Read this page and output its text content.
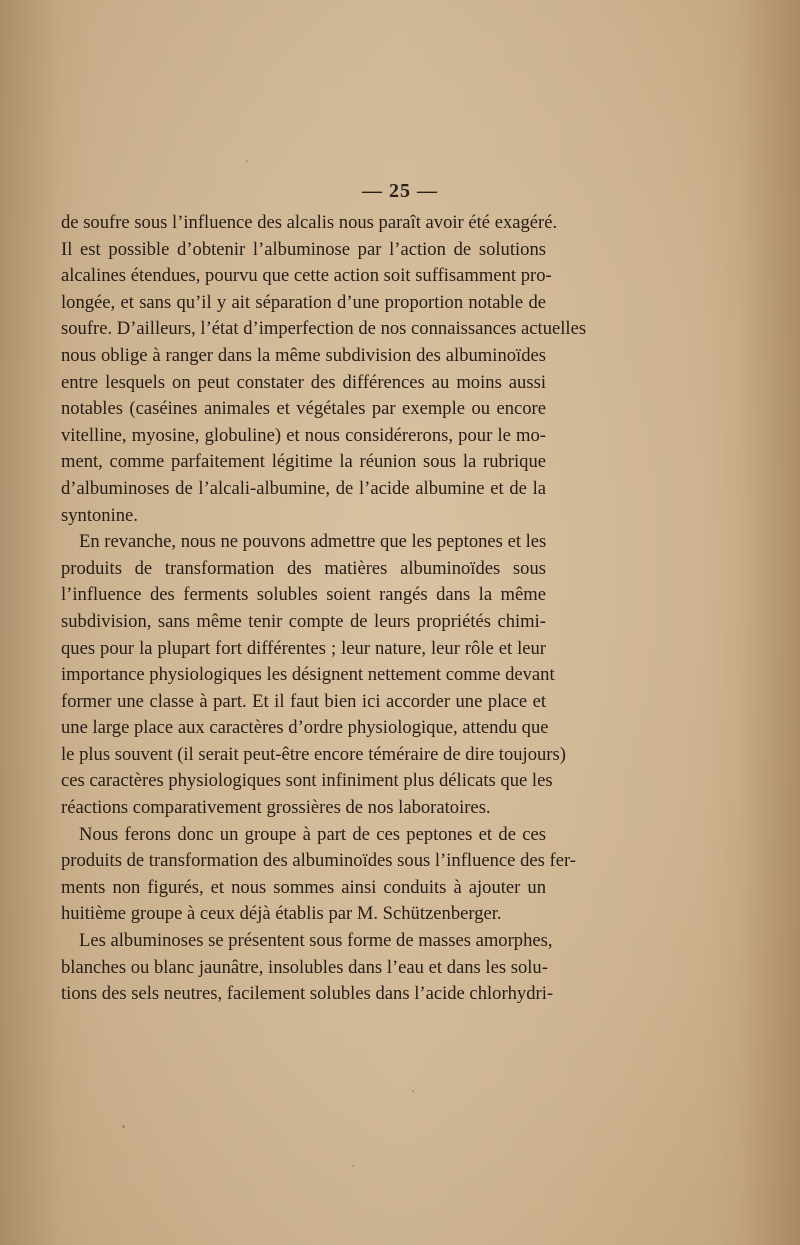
— 25 —
de soufre sous l’influence des alcalis nous paraît avoir été exagéré.
Il est possible d’obtenir l’albuminose par l’action de solutions
alcalines étendues, pourvu que cette action soit suffisamment pro-
longée, et sans qu’il y ait séparation d’une proportion notable de
soufre. D’ailleurs, l’état d’imperfection de nos connaissances actuelles
nous oblige à ranger dans la même subdivision des albuminoïdes
entre lesquels on peut constater des différences au moins aussi
notables (caséines animales et végétales par exemple ou encore
vitelline, myosine, globuline) et nous considérerons, pour le mo-
ment, comme parfaitement légitime la réunion sous la rubrique
d’albuminoses de l’alcali-albumine, de l’acide albumine et de la
syntonine.
En revanche, nous ne pouvons admettre que les peptones et les
produits de transformation des matières albuminoïdes sous
l’influence des ferments solubles soient rangés dans la même
subdivision, sans même tenir compte de leurs propriétés chimi-
ques pour la plupart fort différentes ; leur nature, leur rôle et leur
importance physiologiques les désignent nettement comme devant
former une classe à part. Et il faut bien ici accorder une place et
une large place aux caractères d’ordre physiologique, attendu que
le plus souvent (il serait peut-être encore téméraire de dire toujours)
ces caractères physiologiques sont infiniment plus délicats que les
réactions comparativement grossières de nos laboratoires.
Nous ferons donc un groupe à part de ces peptones et de ces
produits de transformation des albuminoïdes sous l’influence des fer-
ments non figurés, et nous sommes ainsi conduits à ajouter un
huitième groupe à ceux déjà établis par M. Schützenberger.
Les albuminoses se présentent sous forme de masses amorphes,
blanches ou blanc jaunâtre, insolubles dans l’eau et dans les solu-
tions des sels neutres, facilement solubles dans l’acide chlorhydri-
